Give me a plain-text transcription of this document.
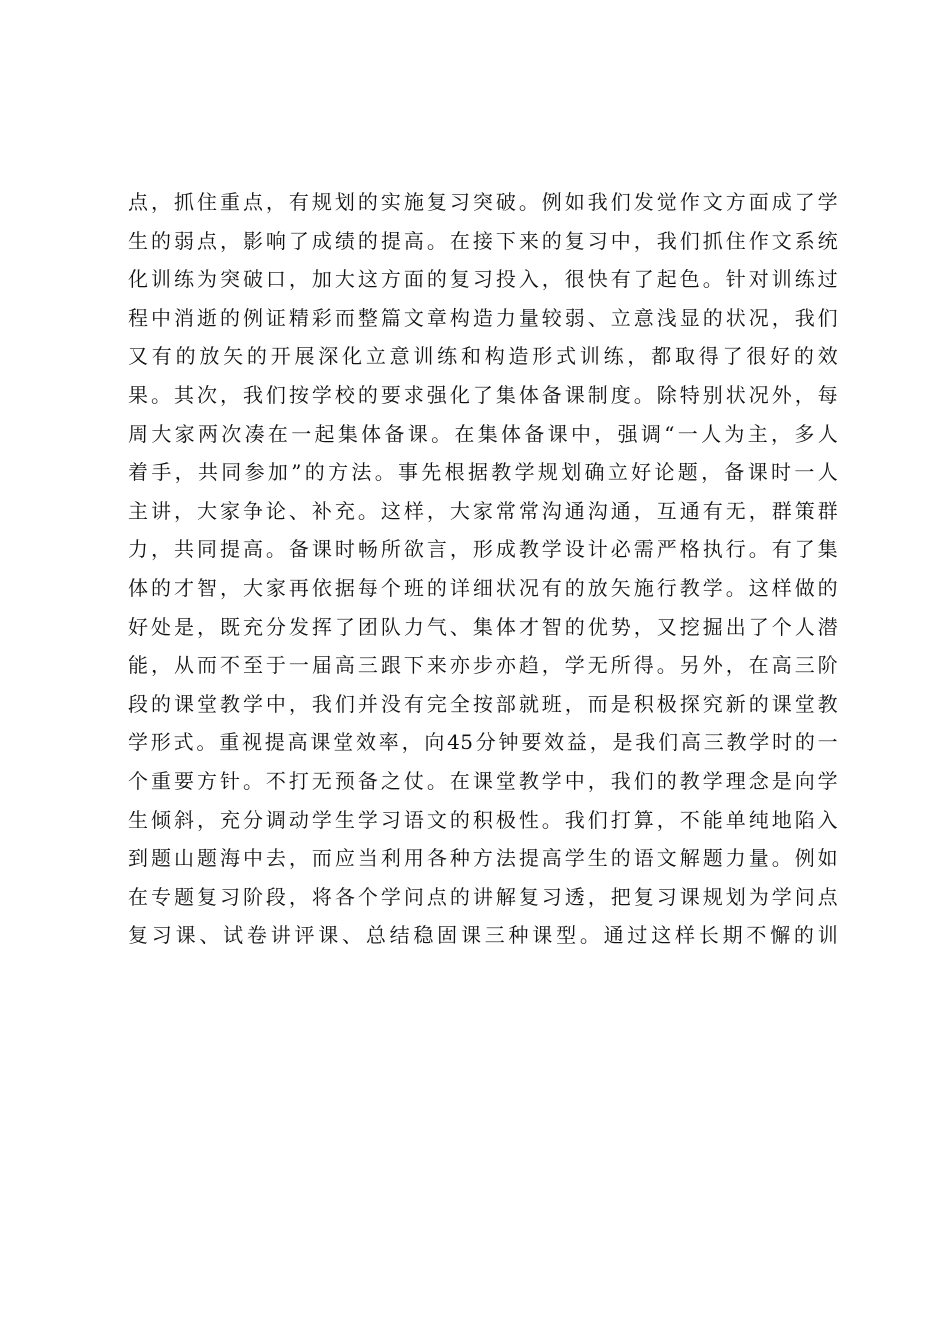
点，抓住重点，有规划的实施复习突破。例如我们发觉作文方面成了学
生的弱点，影响了成绩的提高。在接下来的复习中，我们抓住作文系统
化训练为突破口，加大这方面的复习投入，很快有了起色。针对训练过
程中消逝的例证精彩而整篇文章构造力量较弱、立意浅显的状况，我们
又有的放矢的开展深化立意训练和构造形式训练，都取得了很好的效
果。其次，我们按学校的要求强化了集体备课制度。除特别状况外，每
周大家两次凑在一起集体备课。在集体备课中，强调“一人为主，多人
着手，共同参加”的方法。事先根据教学规划确立好论题，备课时一人
主讲，大家争论、补充。这样，大家常常沟通沟通，互通有无，群策群
力，共同提高。备课时畅所欲言，形成教学设计必需严格执行。有了集
体的才智，大家再依据每个班的详细状况有的放矢施行教学。这样做的
好处是，既充分发挥了团队力气、集体才智的优势，又挖掘出了个人潜
能，从而不至于一届高三跟下来亦步亦趋，学无所得。另外，在高三阶
段的课堂教学中，我们并没有完全按部就班，而是积极探究新的课堂教
学形式。重视提高课堂效率，向45分钟要效益，是我们高三教学时的一
个重要方针。不打无预备之仗。在课堂教学中，我们的教学理念是向学
生倾斜，充分调动学生学习语文的积极性。我们打算，不能单纯地陷入
到题山题海中去，而应当利用各种方法提高学生的语文解题力量。例如
在专题复习阶段，将各个学问点的讲解复习透，把复习课规划为学问点
复习课、试卷讲评课、总结稳固课三种课型。通过这样长期不懈的训
